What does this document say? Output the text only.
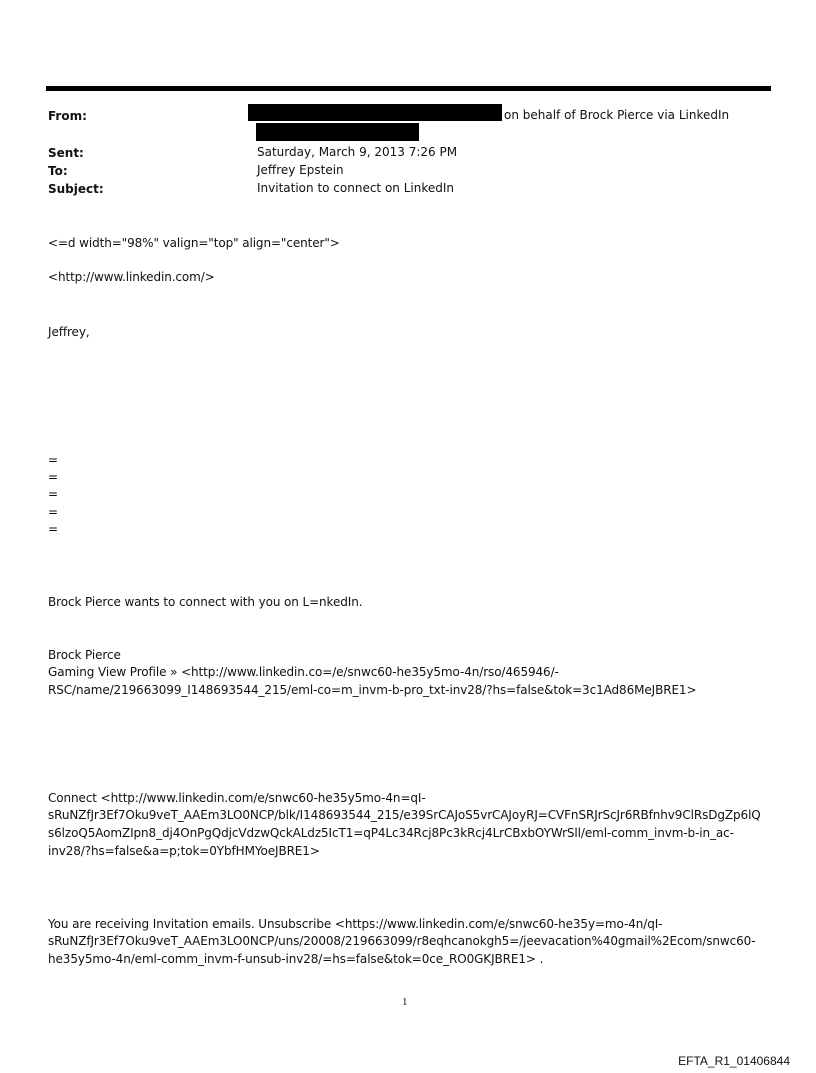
From:	on behalf of Brock Pierce via LinkedIn
Sent:	Saturday, March 9, 2013 7:26 PM
To:	Jeffrey Epstein
Subject:	Invitation to connect on LinkedIn
<=d width="98%" valign="top" align="center">
<http://www.linkedin.com/>
Jeffrey,
=
=
=
=
=
Brock Pierce wants to connect with you on L=nkedIn.
Brock Pierce
Gaming View Profile » <http://www.linkedin.co=/e/snwc60-he35y5mo-4n/rso/465946/-
RSC/name/219663099_I148693544_215/eml-co=m_invm-b-pro_txt-inv28/?hs=false&tok=3c1Ad86MeJBRE1>
Connect <http://www.linkedin.com/e/snwc60-he35y5mo-4n=qI-
sRuNZfJr3Ef7Oku9veT_AAEm3LO0NCP/blk/I148693544_215/e39SrCAJoS5vrCAJoyRJ=CVFnSRJrScJr6RBfnhv9ClRsDgZp6lQ
s6lzoQ5AomZIpn8_dj4OnPgQdjcVdzwQckALdz5IcT1=qP4Lc34Rcj8Pc3kRcj4LrCBxbOYWrSll/eml-comm_invm-b-in_ac-
inv28/?hs=false&a=p;tok=0YbfHMYoeJBRE1>
You are receiving Invitation emails. Unsubscribe <https://www.linkedin.com/e/snwc60-he35y=mo-4n/qI-
sRuNZfJr3Ef7Oku9veT_AAEm3LO0NCP/uns/20008/219663099/r8eqhcanokgh5=/jeevacation%40gmail%2Ecom/snwc60-
he35y5mo-4n/eml-comm_invm-f-unsub-inv28/=hs=false&tok=0ce_RO0GKJBRE1> .
1
EFTA_R1_01406844
